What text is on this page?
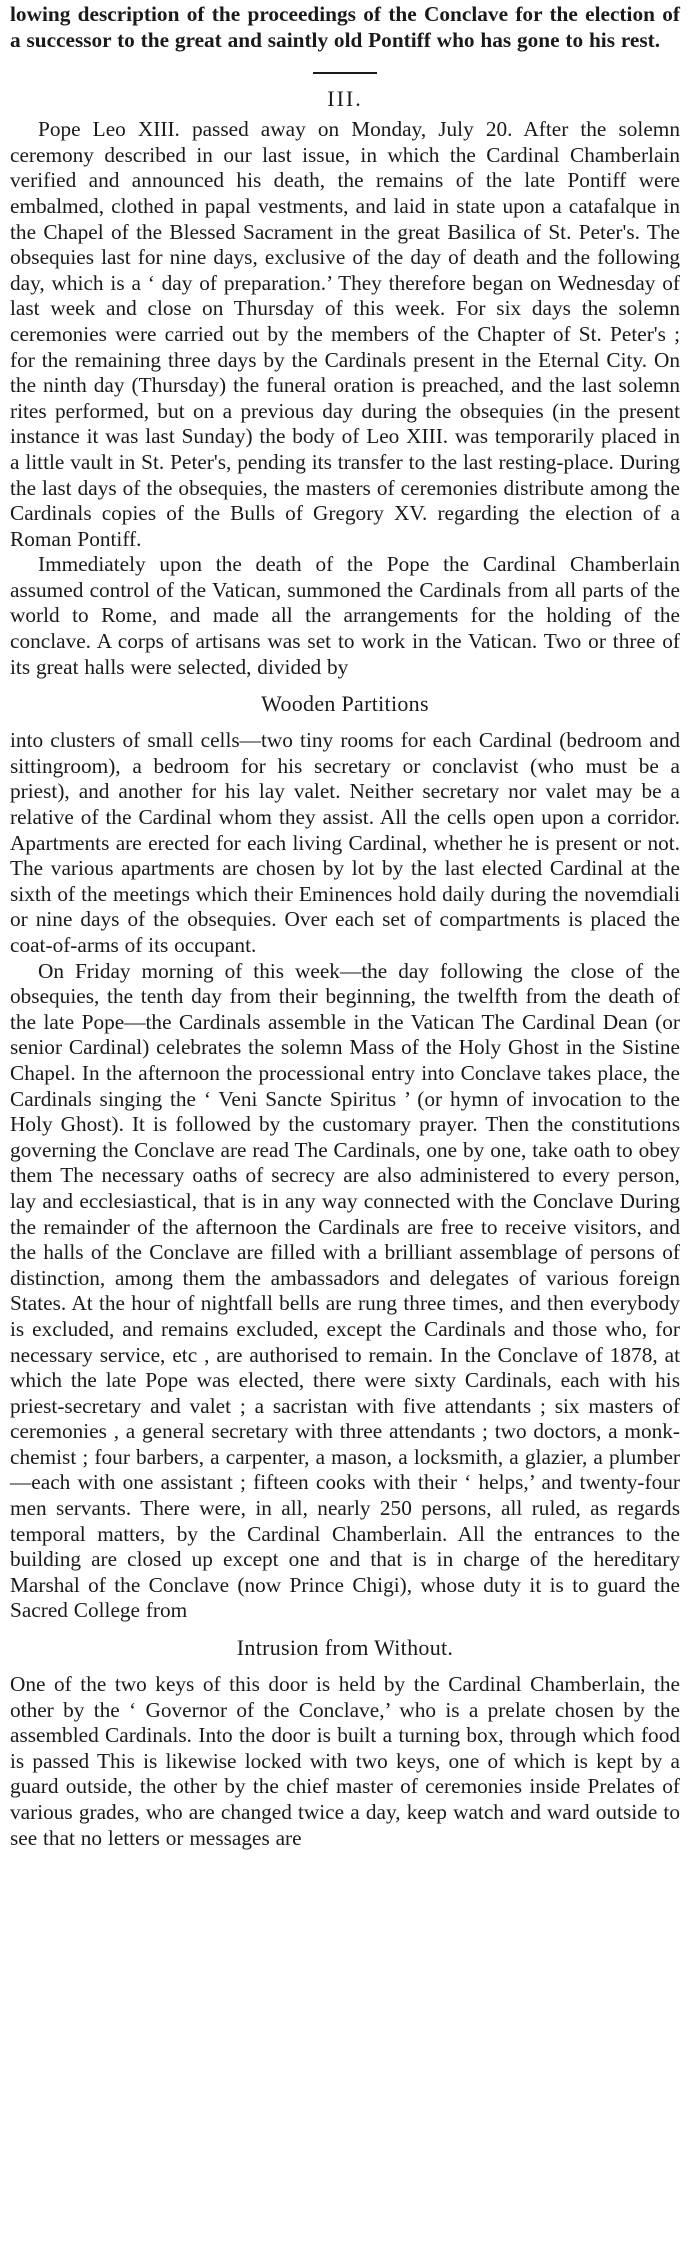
lowing description of the proceedings of the Conclave for the election of a successor to the great and saintly old Pontiff who has gone to his rest.

III.

Pope Leo XIII. passed away on Monday, July 20. After the solemn ceremony described in our last issue, in which the Cardinal Chamberlain verified and announced his death, the remains of the late Pontiff were embalmed, clothed in papal vestments, and laid in state upon a catafalque in the Chapel of the Blessed Sacrament in the great Basilica of St. Peter's. The obsequies last for nine days, exclusive of the day of death and the following day, which is a ‘ day of preparation.’ They therefore began on Wednesday of last week and close on Thursday of this week. For six days the solemn ceremonies were carried out by the members of the Chapter of St. Peter's ; for the remaining three days by the Cardinals present in the Eternal City. On the ninth day (Thursday) the funeral oration is preached, and the last solemn rites performed, but on a previous day during the obsequies (in the present instance it was last Sunday) the body of Leo XIII. was temporarily placed in a little vault in St. Peter's, pending its transfer to the last resting-place. During the last days of the obsequies, the masters of ceremonies distribute among the Cardinals copies of the Bulls of Gregory XV. regarding the election of a Roman Pontiff.

Immediately upon the death of the Pope the Cardinal Chamberlain assumed control of the Vatican, summoned the Cardinals from all parts of the world to Rome, and made all the arrangements for the holding of the conclave. A corps of artisans was set to work in the Vatican. Two or three of its great halls were selected, divided by

Wooden Partitions

into clusters of small cells—two tiny rooms for each Cardinal (bedroom and sittingroom), a bedroom for his secretary or conclavist (who must be a priest), and another for his lay valet. Neither secretary nor valet may be a relative of the Cardinal whom they assist. All the cells open upon a corridor. Apartments are erected for each living Cardinal, whether he is present or not. The various apartments are chosen by lot by the last elected Cardinal at the sixth of the meetings which their Eminences hold daily during the novemdiali or nine days of the obsequies. Over each set of compartments is placed the coat-of-arms of its occupant.

On Friday morning of this week—the day following the close of the obsequies, the tenth day from their beginning, the twelfth from the death of the late Pope—the Cardinals assemble in the Vatican The Cardinal Dean (or senior Cardinal) celebrates the solemn Mass of the Holy Ghost in the Sistine Chapel. In the afternoon the processional entry into Conclave takes place, the Cardinals singing the ‘ Veni Sancte Spiritus ’ (or hymn of invocation to the Holy Ghost). It is followed by the customary prayer. Then the constitutions governing the Conclave are read The Cardinals, one by one, take oath to obey them The necessary oaths of secrecy are also administered to every person, lay and ecclesiastical, that is in any way connected with the Conclave During the remainder of the afternoon the Cardinals are free to receive visitors, and the halls of the Conclave are filled with a brilliant assemblage of persons of distinction, among them the ambassadors and delegates of various foreign States. At the hour of nightfall bells are rung three times, and then everybody is excluded, and remains excluded, except the Cardinals and those who, for necessary service, etc , are authorised to remain. In the Conclave of 1878, at which the late Pope was elected, there were sixty Cardinals, each with his priest-secretary and valet ; a sacristan with five attendants ; six masters of ceremonies , a general secretary with three attendants ; two doctors, a monk-chemist ; four barbers, a carpenter, a mason, a locksmith, a glazier, a plumber—each with one assistant ; fifteen cooks with their ‘ helps,’ and twenty-four men servants. There were, in all, nearly 250 persons, all ruled, as regards temporal matters, by the Cardinal Chamberlain. All the entrances to the building are closed up except one and that is in charge of the hereditary Marshal of the Conclave (now Prince Chigi), whose duty it is to guard the Sacred College from

Intrusion from Without.

One of the two keys of this door is held by the Cardinal Chamberlain, the other by the ‘ Governor of the Conclave,’ who is a prelate chosen by the assembled Cardinals. Into the door is built a turning box, through which food is passed This is likewise locked with two keys, one of which is kept by a guard outside, the other by the chief master of ceremonies inside Prelates of various grades, who are changed twice a day, keep watch and ward outside to see that no letters or messages are
